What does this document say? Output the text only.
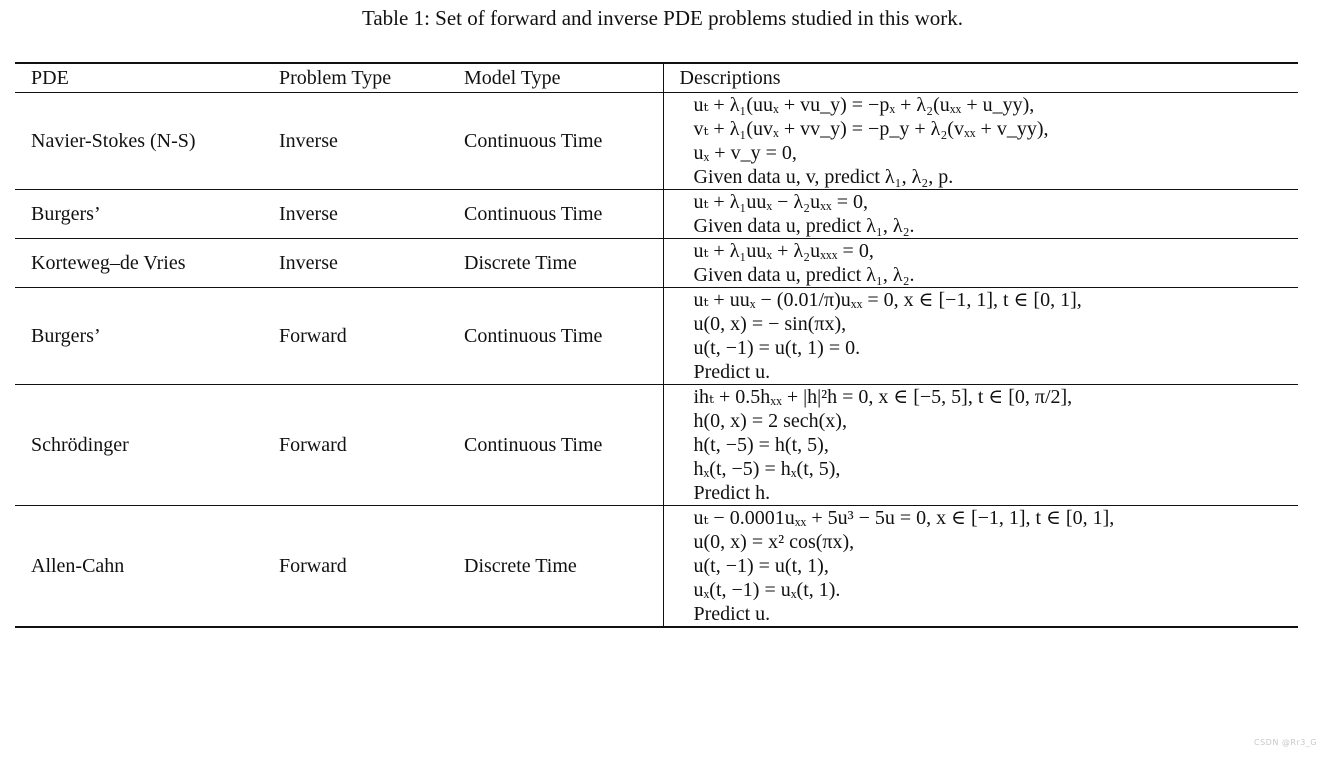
Table 1: Set of forward and inverse PDE problems studied in this work.
PDE	Problem Type	Model Type	Descriptions
Navier-Stokes (N-S)	Inverse	Continuous Time	uₜ + λ₁(uuₓ + vu_y) = −pₓ + λ₂(uₓₓ + u_yy),
vₜ + λ₁(uvₓ + vv_y) = −p_y + λ₂(vₓₓ + v_yy),
uₓ + v_y = 0,
Given data u, v, predict λ₁, λ₂, p.

Burgers’	Inverse	Continuous Time	uₜ + λ₁uuₓ − λ₂uₓₓ = 0,
Given data u, predict λ₁, λ₂.

Korteweg–de Vries	Inverse	Discrete Time	uₜ + λ₁uuₓ + λ₂uₓₓₓ = 0,
Given data u, predict λ₁, λ₂.

Burgers’	Forward	Continuous Time	uₜ + uuₓ − (0.01/π)uₓₓ = 0, x ∈ [−1, 1], t ∈ [0, 1],
u(0, x) = − sin(πx),
u(t, −1) = u(t, 1) = 0.
Predict u.

Schrödinger	Forward	Continuous Time	ihₜ + 0.5hₓₓ + |h|²h = 0, x ∈ [−5, 5], t ∈ [0, π/2],
h(0, x) = 2 sech(x),
h(t, −5) = h(t, 5),
hₓ(t, −5) = hₓ(t, 5),
Predict h.

Allen-Cahn	Forward	Discrete Time	uₜ − 0.0001uₓₓ + 5u³ − 5u = 0, x ∈ [−1, 1], t ∈ [0, 1],
u(0, x) = x² cos(πx),
u(t, −1) = u(t, 1),
uₓ(t, −1) = uₓ(t, 1).
Predict u.
CSDN @Rr3_G
